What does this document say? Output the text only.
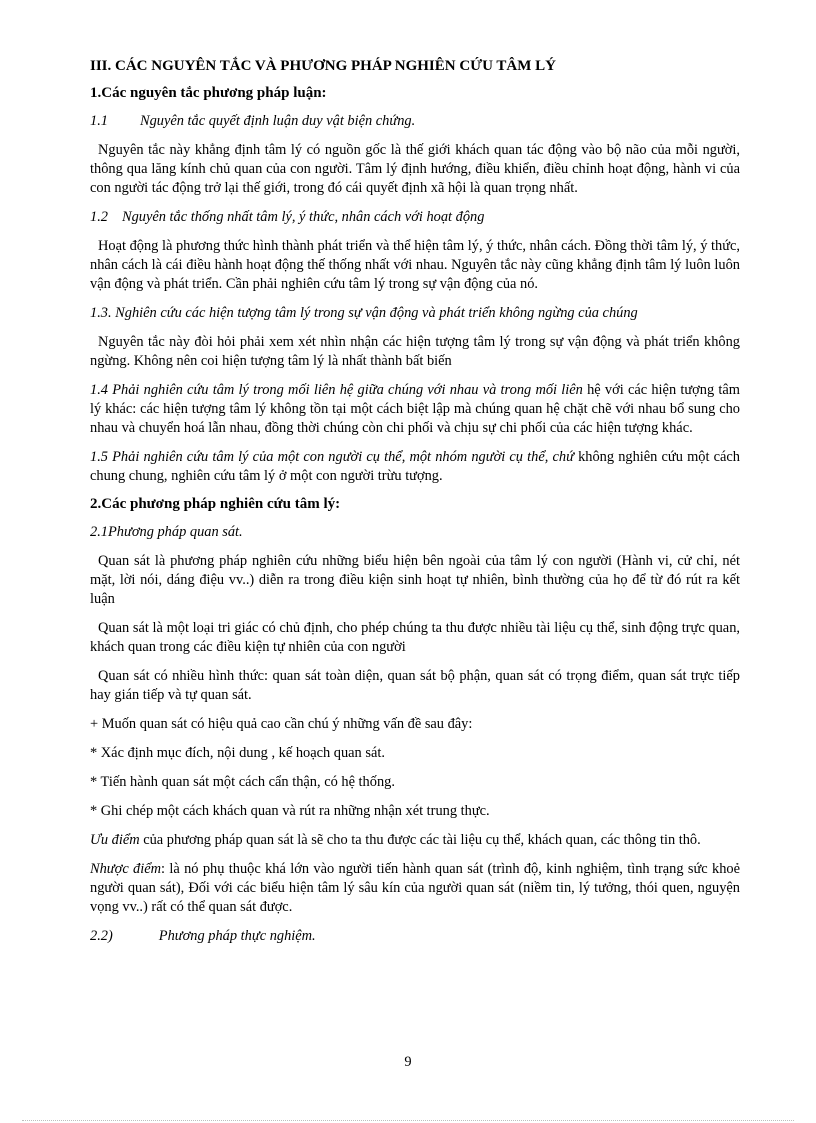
III. CÁC NGUYÊN TẮC VÀ PHƯƠNG PHÁP NGHIÊN CỨU TÂM LÝ

1.Các nguyên tắc phương pháp luận:

1.1 Nguyên tắc quyết định luận duy vật biện chứng.

Nguyên tắc này khẳng định tâm lý có nguồn gốc là thế giới khách quan tác động vào bộ não của mỗi người, thông qua lăng kính chủ quan của con người. Tâm lý định hướng, điều khiển, điều chỉnh hoạt động, hành vi của con người tác động trở lại thế giới, trong đó cái quyết định xã hội là quan trọng nhất.

1.2 Nguyên tắc thống nhất tâm lý, ý thức, nhân cách với hoạt động

Hoạt động là phương thức hình thành phát triển và thể hiện tâm lý, ý thức, nhân cách. Đồng thời tâm lý, ý thức, nhân cách là cái điều hành hoạt động thế thống nhất với nhau. Nguyên tắc này cũng khẳng định tâm lý luôn luôn vận động và phát triển. Cần phải nghiên cứu tâm lý trong sự vận động của nó.

1.3. Nghiên cứu các hiện tượng tâm lý trong sự vận động và phát triển không ngừng của chúng

Nguyên tắc này đòi hỏi phải xem xét nhìn nhận các hiện tượng tâm lý trong sự vận động và phát triển không ngừng. Không nên coi hiện tượng tâm lý là nhất thành bất biến

1.4 Phải nghiên cứu tâm lý trong mối liên hệ giữa chúng với nhau và trong mối liên hệ với các hiện tượng tâm lý khác: các hiện tượng tâm lý không tồn tại một cách biệt lập mà chúng quan hệ chặt chẽ với nhau bổ sung cho nhau và chuyển hoá lẫn nhau, đồng thời chúng còn chi phối và chịu sự chi phối của các hiện tượng khác.

1.5 Phải nghiên cứu tâm lý của một con người cụ thể, một nhóm người cụ thể, chứ không nghiên cứu một cách chung chung, nghiên cứu tâm lý ở một con người trừu tượng.

2.Các phương pháp nghiên cứu tâm lý:

2.1Phương pháp quan sát.

Quan sát là phương pháp nghiên cứu những biểu hiện bên ngoài của tâm lý con người (Hành vi, cử chỉ, nét mặt, lời nói, dáng điệu vv..) diễn ra trong điều kiện sinh hoạt tự nhiên, bình thường của họ để từ đó rút ra kết luận

Quan sát là một loại tri giác có chủ định, cho phép chúng ta thu được nhiều tài liệu cụ thể, sinh động trực quan, khách quan trong các điều kiện tự nhiên của con người

Quan sát có nhiều hình thức: quan sát toàn diện, quan sát bộ phận, quan sát có trọng điểm, quan sát trực tiếp hay gián tiếp và tự quan sát.

+ Muốn quan sát có hiệu quả cao cần chú ý những vấn đề sau đây:

* Xác định mục đích, nội dung , kế hoạch quan sát.

* Tiến hành quan sát một cách cẩn thận, có hệ thống.

* Ghi chép một cách khách quan và rút ra những nhận xét trung thực.

Ưu điểm của phương pháp quan sát là sẽ cho ta thu được các tài liệu cụ thể, khách quan, các thông tin thô.

Nhược điểm: là nó phụ thuộc khá lớn vào người tiến hành quan sát (trình độ, kinh nghiệm, tình trạng sức khoẻ người quan sát), Đối với các biểu hiện tâm lý sâu kín của người quan sát (niềm tin, lý tưởng, thói quen, nguyện vọng vv..) rất có thể quan sát được.

2.2)	Phương pháp thực nghiệm.

9
